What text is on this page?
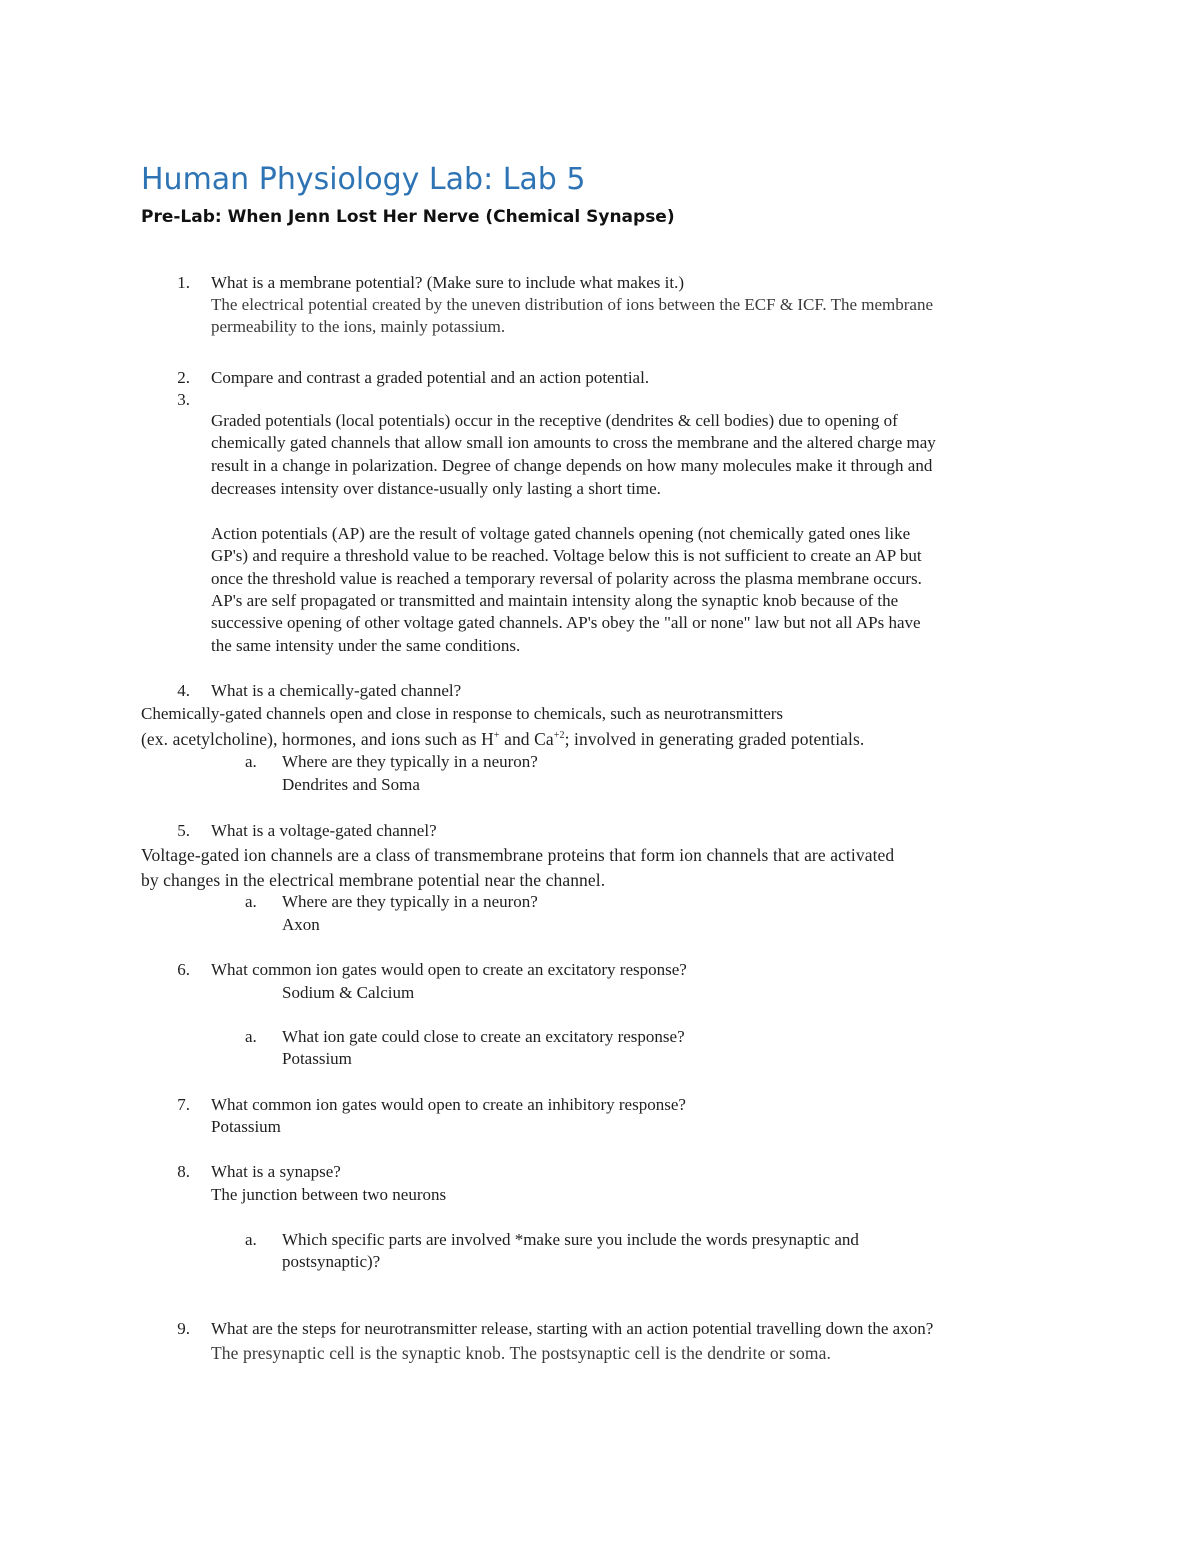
Human Physiology Lab: Lab 5
Pre-Lab: When Jenn Lost Her Nerve (Chemical Synapse)
1. What is a membrane potential? (Make sure to include what makes it.)
The electrical potential created by the uneven distribution of ions between the ECF & ICF. The membrane
permeability to the ions, mainly potassium.
2. Compare and contrast a graded potential and an action potential.
3.
Graded potentials (local potentials) occur in the receptive (dendrites & cell bodies) due to opening of
chemically gated channels that allow small ion amounts to cross the membrane and the altered charge may
result in a change in polarization. Degree of change depends on how many molecules make it through and
decreases intensity over distance-usually only lasting a short time.
Action potentials (AP) are the result of voltage gated channels opening (not chemically gated ones like
GP's) and require a threshold value to be reached. Voltage below this is not sufficient to create an AP but
once the threshold value is reached a temporary reversal of polarity across the plasma membrane occurs.
AP's are self propagated or transmitted and maintain intensity along the synaptic knob because of the
successive opening of other voltage gated channels. AP's obey the "all or none" law but not all APs have
the same intensity under the same conditions.
4. What is a chemically-gated channel?
Chemically-gated channels open and close in response to chemicals, such as neurotransmitters
(ex. acetylcholine), hormones, and ions such as H+ and $Ca^{+2}$; involved in generating graded potentials.
a.	Where are they typically in a neuron?
Dendrites and Soma
5. What is a voltage-gated channel?
Voltage-gated ion channels are a class of transmembrane proteins that form ion channels that are activated
by changes in the electrical membrane potential near the channel.
a.	Where are they typically in a neuron?
Axon
6. What common ion gates would open to create an excitatory response?
Sodium & Calcium
a.	What ion gate could close to create an excitatory response?
Potassium
7. What common ion gates would open to create an inhibitory response?
Potassium
8. What is a synapse?
The junction between two neurons
a.	Which specific parts are involved *make sure you include the words presynaptic and
postsynaptic)?
9. What are the steps for neurotransmitter release, starting with an action potential travelling down the axon?
The presynaptic cell is the synaptic knob. The postsynaptic cell is the dendrite or soma.
